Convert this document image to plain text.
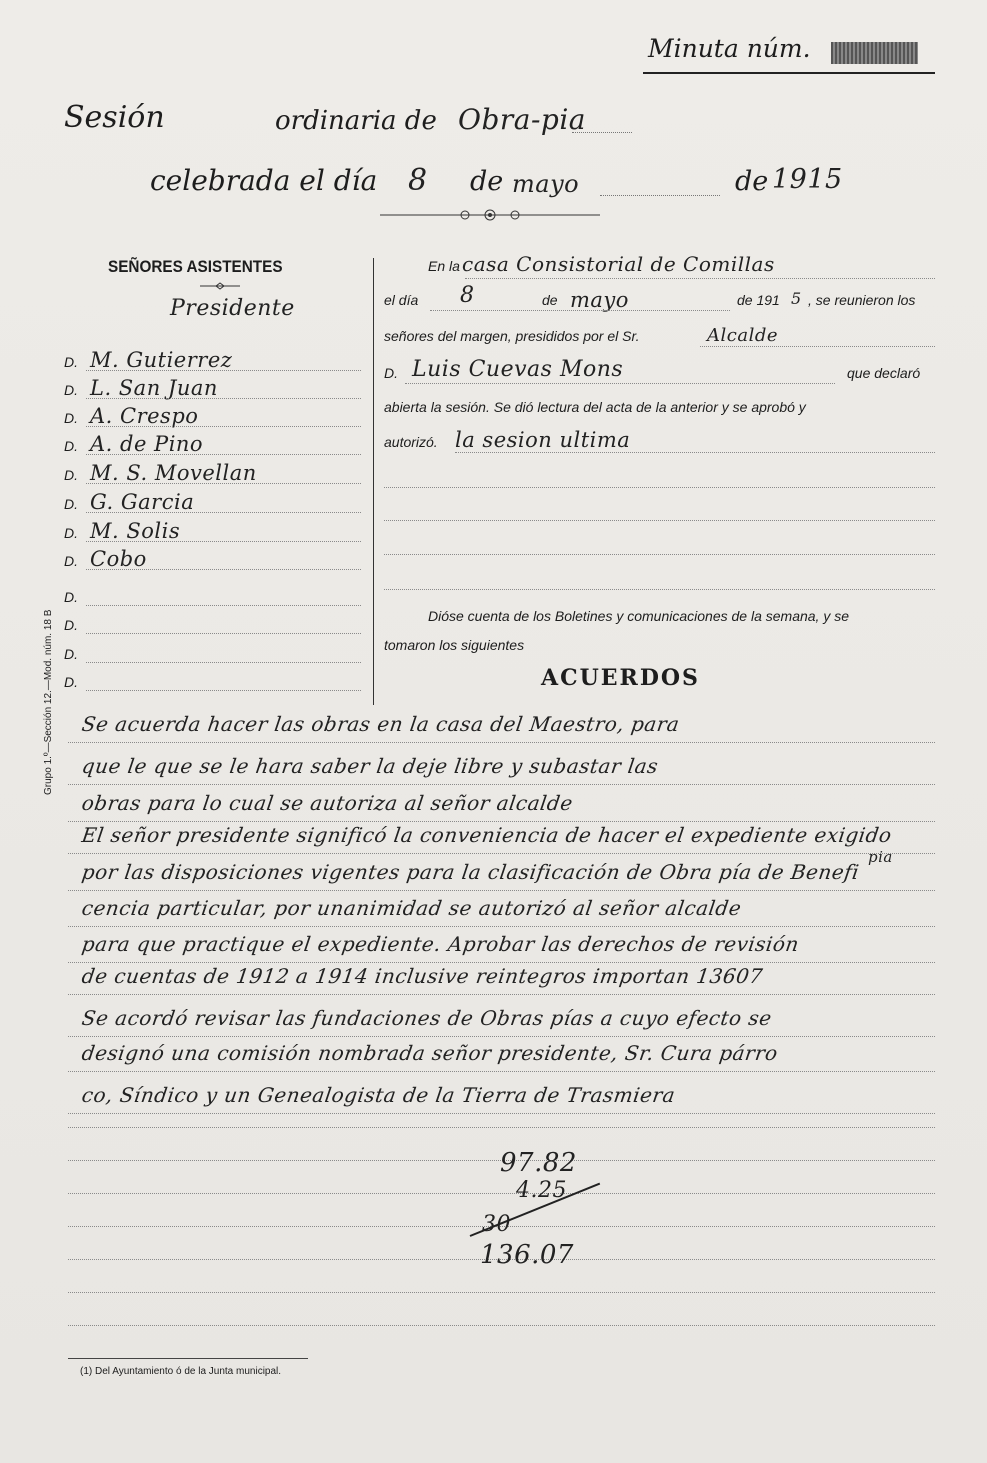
Minuta núm.
Sesión	ordinaria de Obra-pia
celebrada el día 8 de mayo	de 1915
SEÑORES ASISTENTES
Presidente
D. M. Gutierrez
D. L. San Juan
D. A. Crespo
D. A. de Pino
D. M. S. Movellan
D. G. Garcia
D. M. Solis
D. Cobo
D.
D.
D.
D.
Grupo 1.º—Sección 12.—Mod. núm. 18 B
En la casa Consistorial de Comillas
el día 8	de mayo	de 191 5 , se reunieron los
señores del margen, presididos por el Sr.	Alcalde
D. Luis Cuevas Mons	que declaró
abierta la sesión. Se dió lectura del acta de la anterior y se aprobó y
autorizó. la sesion ultima
Dióse cuenta de los Boletines y comunicaciones de la semana, y se
tomaron los siguientes
ACUERDOS
Se acuerda hacer las obras en la casa del Maestro, para
que le que se le hara saber la deje libre y subastar las
obras para lo cual se autoriza al señor alcalde
El señor presidente significó la conveniencia de hacer el expediente exigido
por las disposiciones vigentes para la clasificación de Obra pía de Benefi
cencia particular, por unanimidad se autorizó al señor alcalde
para que practique el expediente. Aprobar las derechos de revisión
de cuentas de 1912 a 1914 inclusive reintegros importan 13607
Se acordó revisar las fundaciones de Obras pías a cuyo efecto se
designó una comisión nombrada señor presidente, Sr. Cura párro
co, Síndico y un Genealogista de la Tierra de Trasmiera
pia
97.82
4.25
30
136.07
(1) Del Ayuntamiento ó de la Junta municipal.
